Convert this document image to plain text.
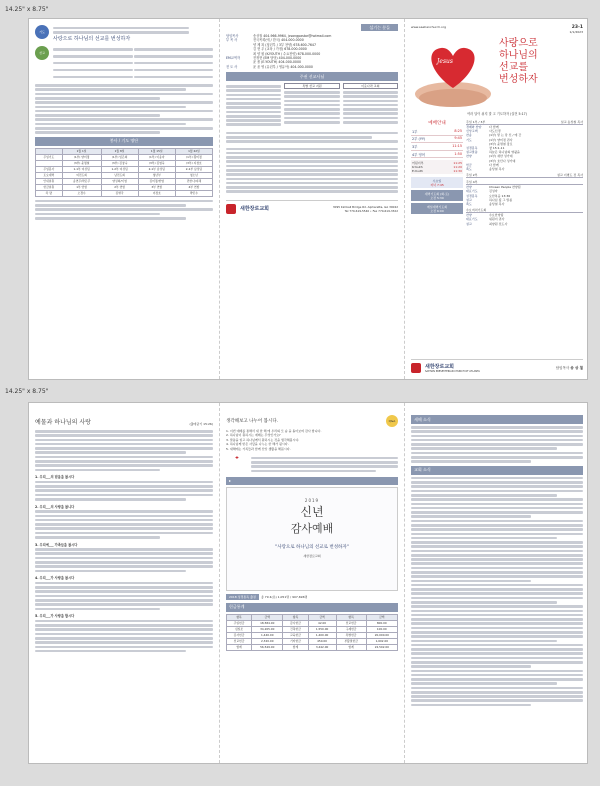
14.25" x 8.75"
기도
사랑으로 하나님의 선교를 번성하자
선교
봉사 / 기도 명단
	1월 1일	1월 8일	1월 15일	1월 22일
주일기도	(1부) 양미정	(1부) 임은희	(1부) 이송자	(1부) 황미정
	(3부) 윤명철	(3부) 김창숙	(3부) 김영욱	(3부) 지창호
주일봉사	1-1부 여성팀	1-2부 여성팀	2-1부 남성팀	2-2부 남성팀
토요새벽	여전도회	남전도회	청년부	청소년
안내위원	송연주/박은주	양성희/이영	김미정/한영	민한나/지혜
헌금위원	1부 연합	2부 연합	3부 연합	4부 연합
차 량	오경수	김병국	이정호	박민수
섬기는 분들
담임목사	송상철 404-966-9964, jcsongpastor@hotmail.com
부 목 사	전국목회(에 / 한국) 404-000-0000
양 제 복 (청년부 / 3부 찬양) 678-600-7647
김 현 우 (교육 / 가정) 678-000-0000
최 양 원 (K-YOUTH / 수요찬양) 678-000-0000
EM교역자	전정현 (EM 담당) 404-000-0000
윤 폴 (E-YOUTH) 404-000-0000
전 도 사	윤 윤 영 (유년부 / 영유아) 404-000-0000
주권 선교사님
특별 선교 지원	이웃나라 교회
새한장로교회	3095 Kimball Bridge Rd. Alpharetta, GA 30022
Tel 770-619-5540 • Fax 770-619-3322
www.saehanchurch.org	23-1
1/1/2023
Jesus
사랑으로
하나님의
선교를
번성하자
여러 달이 쉬지 말 고 기도하자 (살전 5:17)
예배안내
1부	8:25
2부 (YY)	9:45
3부	11:15
4부 영어	1:50
어린이부	11:25
K-Youth	11:20
E-Youth	11:30
수요일
저녁 7:45
새벽기도회 (화-토)
오전 5:30
매일새벽기도회
오전 6:00
주일 1부 / 3부	설교 송상철 목사
경배와 찬양	다 함께
신앙고백	사도신경
찬송	(1부) 맡 는 당 신 / 에 간
기도	(1부) 양미정 권사
(3부) 윤명철 장로
성경봉독	창 15:1-11
설교말씀	하늘은 하나님의 영광을
찬양	(1부) 새한 성가대
(3부) 호산나 성가대
헌금	다 함께
축도	송상철 목사
주일 2부	설교 이병도 전 목사
주일 4부
찬양	Chosen People 찬양팀
대표기도	김성자
성경봉독	요한복음 13:36
설교	하나님 될 그 말씀
축도	송상철 목사
수요저녁기도회
찬양	수요찬양팀
대표기도	위원이 권사
설교	최양원 전도사
새한장로교회
SAEHAN PRESBYTERIAN CHURCH OF ATLANTA
담임목사 송 상 철
14.25" x 8.75"
예물과 하나님의 사랑	(출애굽기 15:26)
1. 우리___의 믿음을 봅시다
2. 우리___의 사랑을 봅니다
3. 우리에___ 가족들을 봅시다
4. 우리___가 사랑을 봅시다
5. 우리___가 사랑을 합시다
생각해보고 나누어 봅시다.	Q&A
1. 이번 예배를 통해서 새 한 해 에 우리의 모 습 을 돌아보며 감사 합니다.
2. 하나님이 원하시는 예배는 무엇인가요?
3. 말씀을 읽고 하나님께서 원하시는 것을 생각해봅시다.
4. 하나님께 받은 사랑을 나누는 한 해가 됩시다.
5. 새해에는 가족들과 함께 신앙 생활을 해봅시다.
✚
▸
2019
신년
감사예배
"사랑으로 하나님의 선교로 번성하자"
새한장로교회
2018 성경통독 출결	총 79 4(유) 1,051명 / 907,696명
헌금통계
항목	금액	항목	금액	항목	금액
주일헌금	18,584.00	감사헌금	42.00	선교헌금	800.00
십일조	34,205.00	건축헌금	1,550.00	구제헌금	100.00
감사헌금	1,440.00	교육헌금	1,400.00	특별헌금	20,000.00
선교헌금	2,320.00	기타헌금	450.00	부활절헌금	1,602.00
합계	56,549.00	합계	3,442.00	합계	22,502.00
새해 소식
교회 소식
